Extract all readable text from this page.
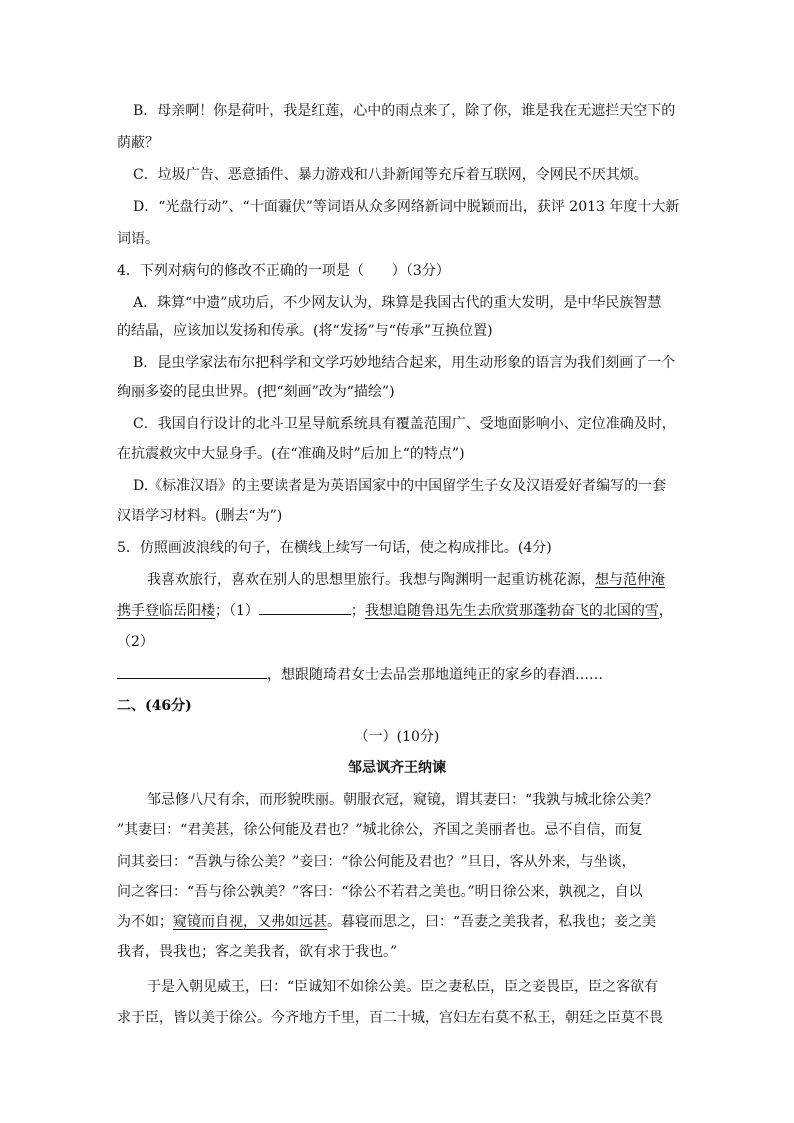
B．母亲啊！你是荷叶，我是红莲，心中的雨点来了，除了你，谁是我在无遮拦天空下的
荫蔽？
C．垃圾广告、恶意插件、暴力游戏和八卦新闻等充斥着互联网，令网民不厌其烦。
D．“光盘行动”、“十面霾伏”等词语从众多网络新词中脱颖而出，获评 2013 年度十大新
词语。
4．下列对病句的修改不正确的一项是（　　）（3分）
A．珠算“中遗”成功后，不少网友认为，珠算是我国古代的重大发明，是中华民族智慧
的结晶，应该加以发扬和传承。(将“发扬”与“传承”互换位置)
B．昆虫学家法布尔把科学和文学巧妙地结合起来，用生动形象的语言为我们刻画了一个
绚丽多姿的昆虫世界。(把“刻画”改为“描绘”)
C．我国自行设计的北斗卫星导航系统具有覆盖范围广、受地面影响小、定位准确及时，
在抗震救灾中大显身手。(在“准确及时”后加上“的特点”)
D.《标准汉语》的主要读者是为英语国家中的中国留学生子女及汉语爱好者编写的一套
汉语学习材料。(删去“为”)
5．仿照画波浪线的句子，在横线上续写一句话，使之构成排比。(4分)
我喜欢旅行，喜欢在别人的思想里旅行。我想与陶渊明一起重访桃花源，想与范仲淹
携手登临岳阳楼；（1）	；我想追随鲁迅先生去欣赏那蓬勃奋飞的北国的雪，
（2）
，想跟随琦君女士去品尝那地道纯正的家乡的春酒……
二、(46分)
（一）(10分)
邹忌讽齐王纳谏
邹忌修八尺有余，而形貌昳丽。朝服衣冠，窥镜，谓其妻曰：“我孰与城北徐公美？
”其妻曰：“君美甚，徐公何能及君也？”城北徐公，齐国之美丽者也。忌不自信，而复
问其妾曰：“吾孰与徐公美？”妾曰：“徐公何能及君也？”旦日，客从外来，与坐谈，
问之客曰：“吾与徐公孰美？”客曰：“徐公不若君之美也。”明日徐公来，孰视之，自以
为不如；窥镜而自视，又弗如远甚。暮寝而思之，曰：“吾妻之美我者，私我也；妾之美
我者，畏我也；客之美我者，欲有求于我也。”
于是入朝见威王，曰：“臣诚知不如徐公美。臣之妻私臣，臣之妾畏臣，臣之客欲有
求于臣，皆以美于徐公。今齐地方千里，百二十城，宫妇左右莫不私王，朝廷之臣莫不畏
